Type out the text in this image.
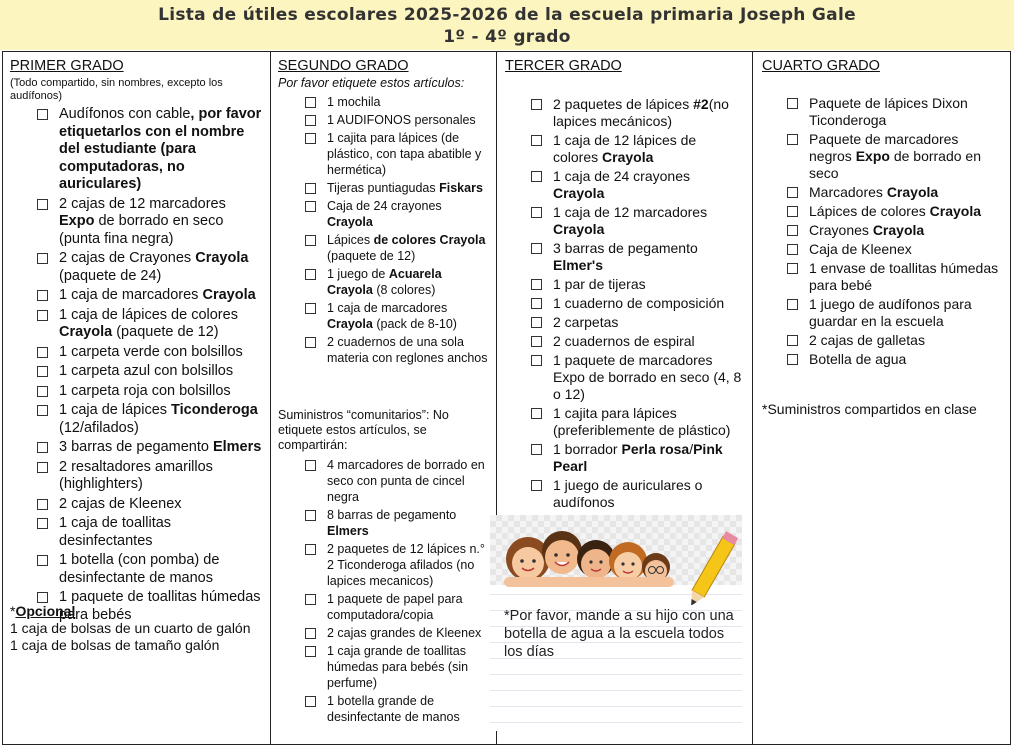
Lista de útiles escolares 2025-2026 de la escuela primaria Joseph Gale
1º - 4º grado
PRIMER GRADO
(Todo compartido, sin nombres, excepto los audífonos)
Audífonos con cable, por favor etiquetarlos con el nombre del estudiante (para computadoras, no auriculares)
2 cajas de 12 marcadores Expo de borrado en seco (punta fina negra)
2 cajas de Crayones Crayola (paquete de 24)
1 caja de marcadores Crayola
1 caja de lápices de colores Crayola (paquete de 12)
1 carpeta verde con bolsillos
1 carpeta azul con bolsillos
1 carpeta roja con bolsillos
1 caja de lápices Ticonderoga (12/afilados)
3 barras de pegamento Elmers
2 resaltadores amarillos (highlighters)
2 cajas de Kleenex
1 caja de toallitas desinfectantes
1 botella (con pomba) de desinfectante de manos
1 paquete de toallitas húmedas para bebés
*Opcional
1 caja de bolsas de un cuarto de galón
1 caja de bolsas de tamaño galón
SEGUNDO GRADO
Por favor etiquete estos artículos:
1 mochila
1 AUDIFONOS personales
1 cajita para lápices (de plástico, con tapa abatible y hermética)
Tijeras puntiagudas Fiskars
Caja de 24 crayones Crayola
Lápices de colores Crayola (paquete de 12)
1 juego de Acuarela Crayola (8 colores)
1 caja de marcadores Crayola (pack de 8-10)
2 cuadernos de una sola materia con reglones anchos
Suministros “comunitarios”: No etiquete estos artículos, se compartirán:
4 marcadores de borrado en seco con punta de cincel negra
8 barras de pegamento Elmers
2 paquetes de 12 lápices n.° 2 Ticonderoga afilados (no lapices mecanicos)
1 paquete de papel para computadora/copia
2 cajas grandes de Kleenex
1 caja grande de toallitas húmedas para bebés (sin perfume)
1 botella grande de desinfectante de manos
TERCER GRADO
2 paquetes de lápices #2(no lapices mecánicos)
1 caja de 12 lápices de colores Crayola
1 caja de 24 crayones Crayola
1 caja de 12 marcadores Crayola
3 barras de pegamento Elmer's
1 par de tijeras
1 cuaderno de composición
2 carpetas
2 cuadernos de espiral
1 paquete de marcadores Expo de borrado en seco (4, 8 o 12)
1 cajita para lápices (preferiblemente de plástico)
1 borrador Perla rosa/Pink Pearl
1 juego de auriculares o audífonos
CUARTO GRADO
Paquete de lápices Dixon Ticonderoga
Paquete de marcadores negros Expo de borrado en seco
Marcadores Crayola
Lápices de colores Crayola
Crayones Crayola
Caja de Kleenex
1 envase de toallitas húmedas para bebé
1 juego de audífonos para guardar en la escuela
2 cajas de galletas
Botella de agua
*Suministros compartidos en clase
*Por favor, mande a su hijo con una botella de agua a la escuela todos los días
